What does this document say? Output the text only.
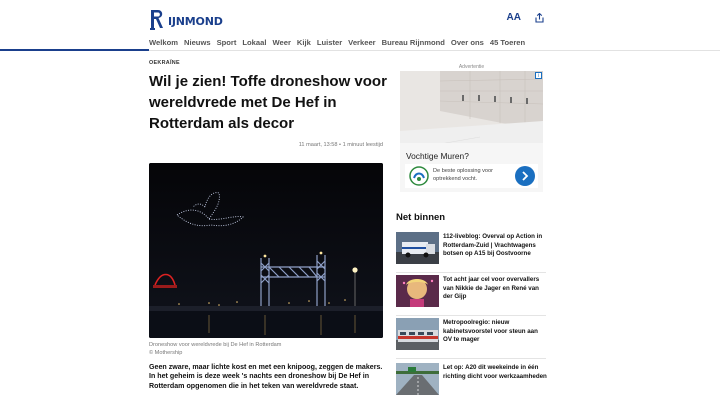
IJNMOND	AA
Welkom Nieuws Sport Lokaal Weer Kijk Luister Verkeer Bureau Rijnmond Over ons 45 Toeren
OEKRAÏNE
Wil je zien! Toffe droneshow voor wereldvrede met De Hef in Rotterdam als decor
11 maart, 13:58 • 1 minuut leestijd
Droneshow voor wereldvrede bij De Hef in Rotterdam
© Mothership

Geen zware, maar lichte kost en met een knipoog, zeggen de makers. In het geheim is deze week 's nachts een droneshow bij De Hef in Rotterdam opgenomen die in het teken van wereldvrede staat.

Advertentie
i
Vochtige Muren?
De beste oplossing voor optrekkend vocht.
Net binnen
112-liveblog: Overval op Action in Rotterdam-Zuid | Vrachtwagens botsen op A15 bij Oostvoorne
Tot acht jaar cel voor overvallers van Nikkie de Jager en René van der Gijp
Metropoolregio: nieuw kabinetsvoorstel voor steun aan OV te mager
Let op: A20 dit weekeinde in één richting dicht voor werkzaamheden
